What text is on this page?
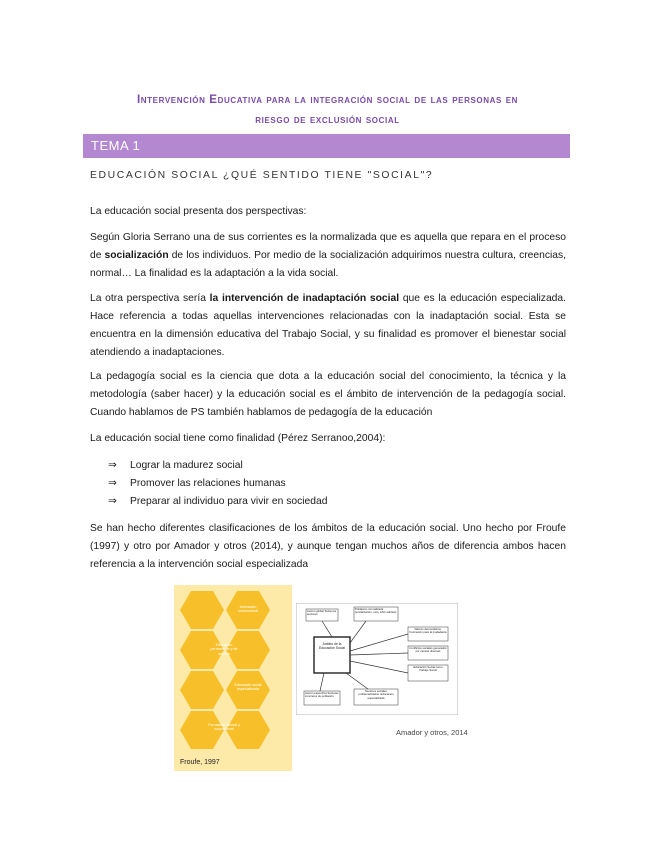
Intervención Educativa para la integración social de las personas en
riesgo de exclusión social
TEMA 1
EDUCACIÓN SOCIAL ¿QUÉ SENTIDO TIENE "SOCIAL"?
La educación social presenta dos perspectivas:
Según Gloria Serrano una de sus corrientes es la normalizada que es aquella que repara en el proceso de socialización de los individuos. Por medio de la socialización adquirimos nuestra cultura, creencias, normal… La finalidad es la adaptación a la vida social.
La otra perspectiva sería la intervención de inadaptación social que es la educación especializada. Hace referencia a todas aquellas intervenciones relacionadas con la inadaptación social. Esta se encuentra en la dimensión educativa del Trabajo Social, y su finalidad es promover el bienestar social atendiendo a inadaptaciones.
La pedagogía social es la ciencia que dota a la educación social del conocimiento, la técnica y la metodología (saber hacer) y la educación social es el ámbito de intervención de la pedagogía social. Cuando hablamos de PS también hablamos de pedagogía de la educación
La educación social tiene como finalidad (Pérez Serranoo,2004):
⇒	Lograr la madurez social
⇒	Promover las relaciones humanas
⇒	Preparar al individuo para vivir en sociedad
Se han hecho diferentes clasificaciones de los ámbitos de la educación social. Uno hecho por Froufe (1997) y otro por Amador y otros (2014), y aunque tengan muchos años de diferencia ambos hacen referencia a la intervención social especializada
Animación sociocultural
Educación permanente y de adultos
Educación social especializada
Formación laboral y ocupacional
Froufe, 1997
Ámbito de la Educación Social
Acción global Todos los sectores
Población normalizada (socialización, ocio, ASC adultos)
Valores democráticos. Formación para la ciudadanía
Conflictos sociales generados por causas diversas
Educación Social como Trabajo Social
Sectores sociales problematizados. Educación especializada
Acción específica Sectores concretos de población
Amador y otros, 2014
